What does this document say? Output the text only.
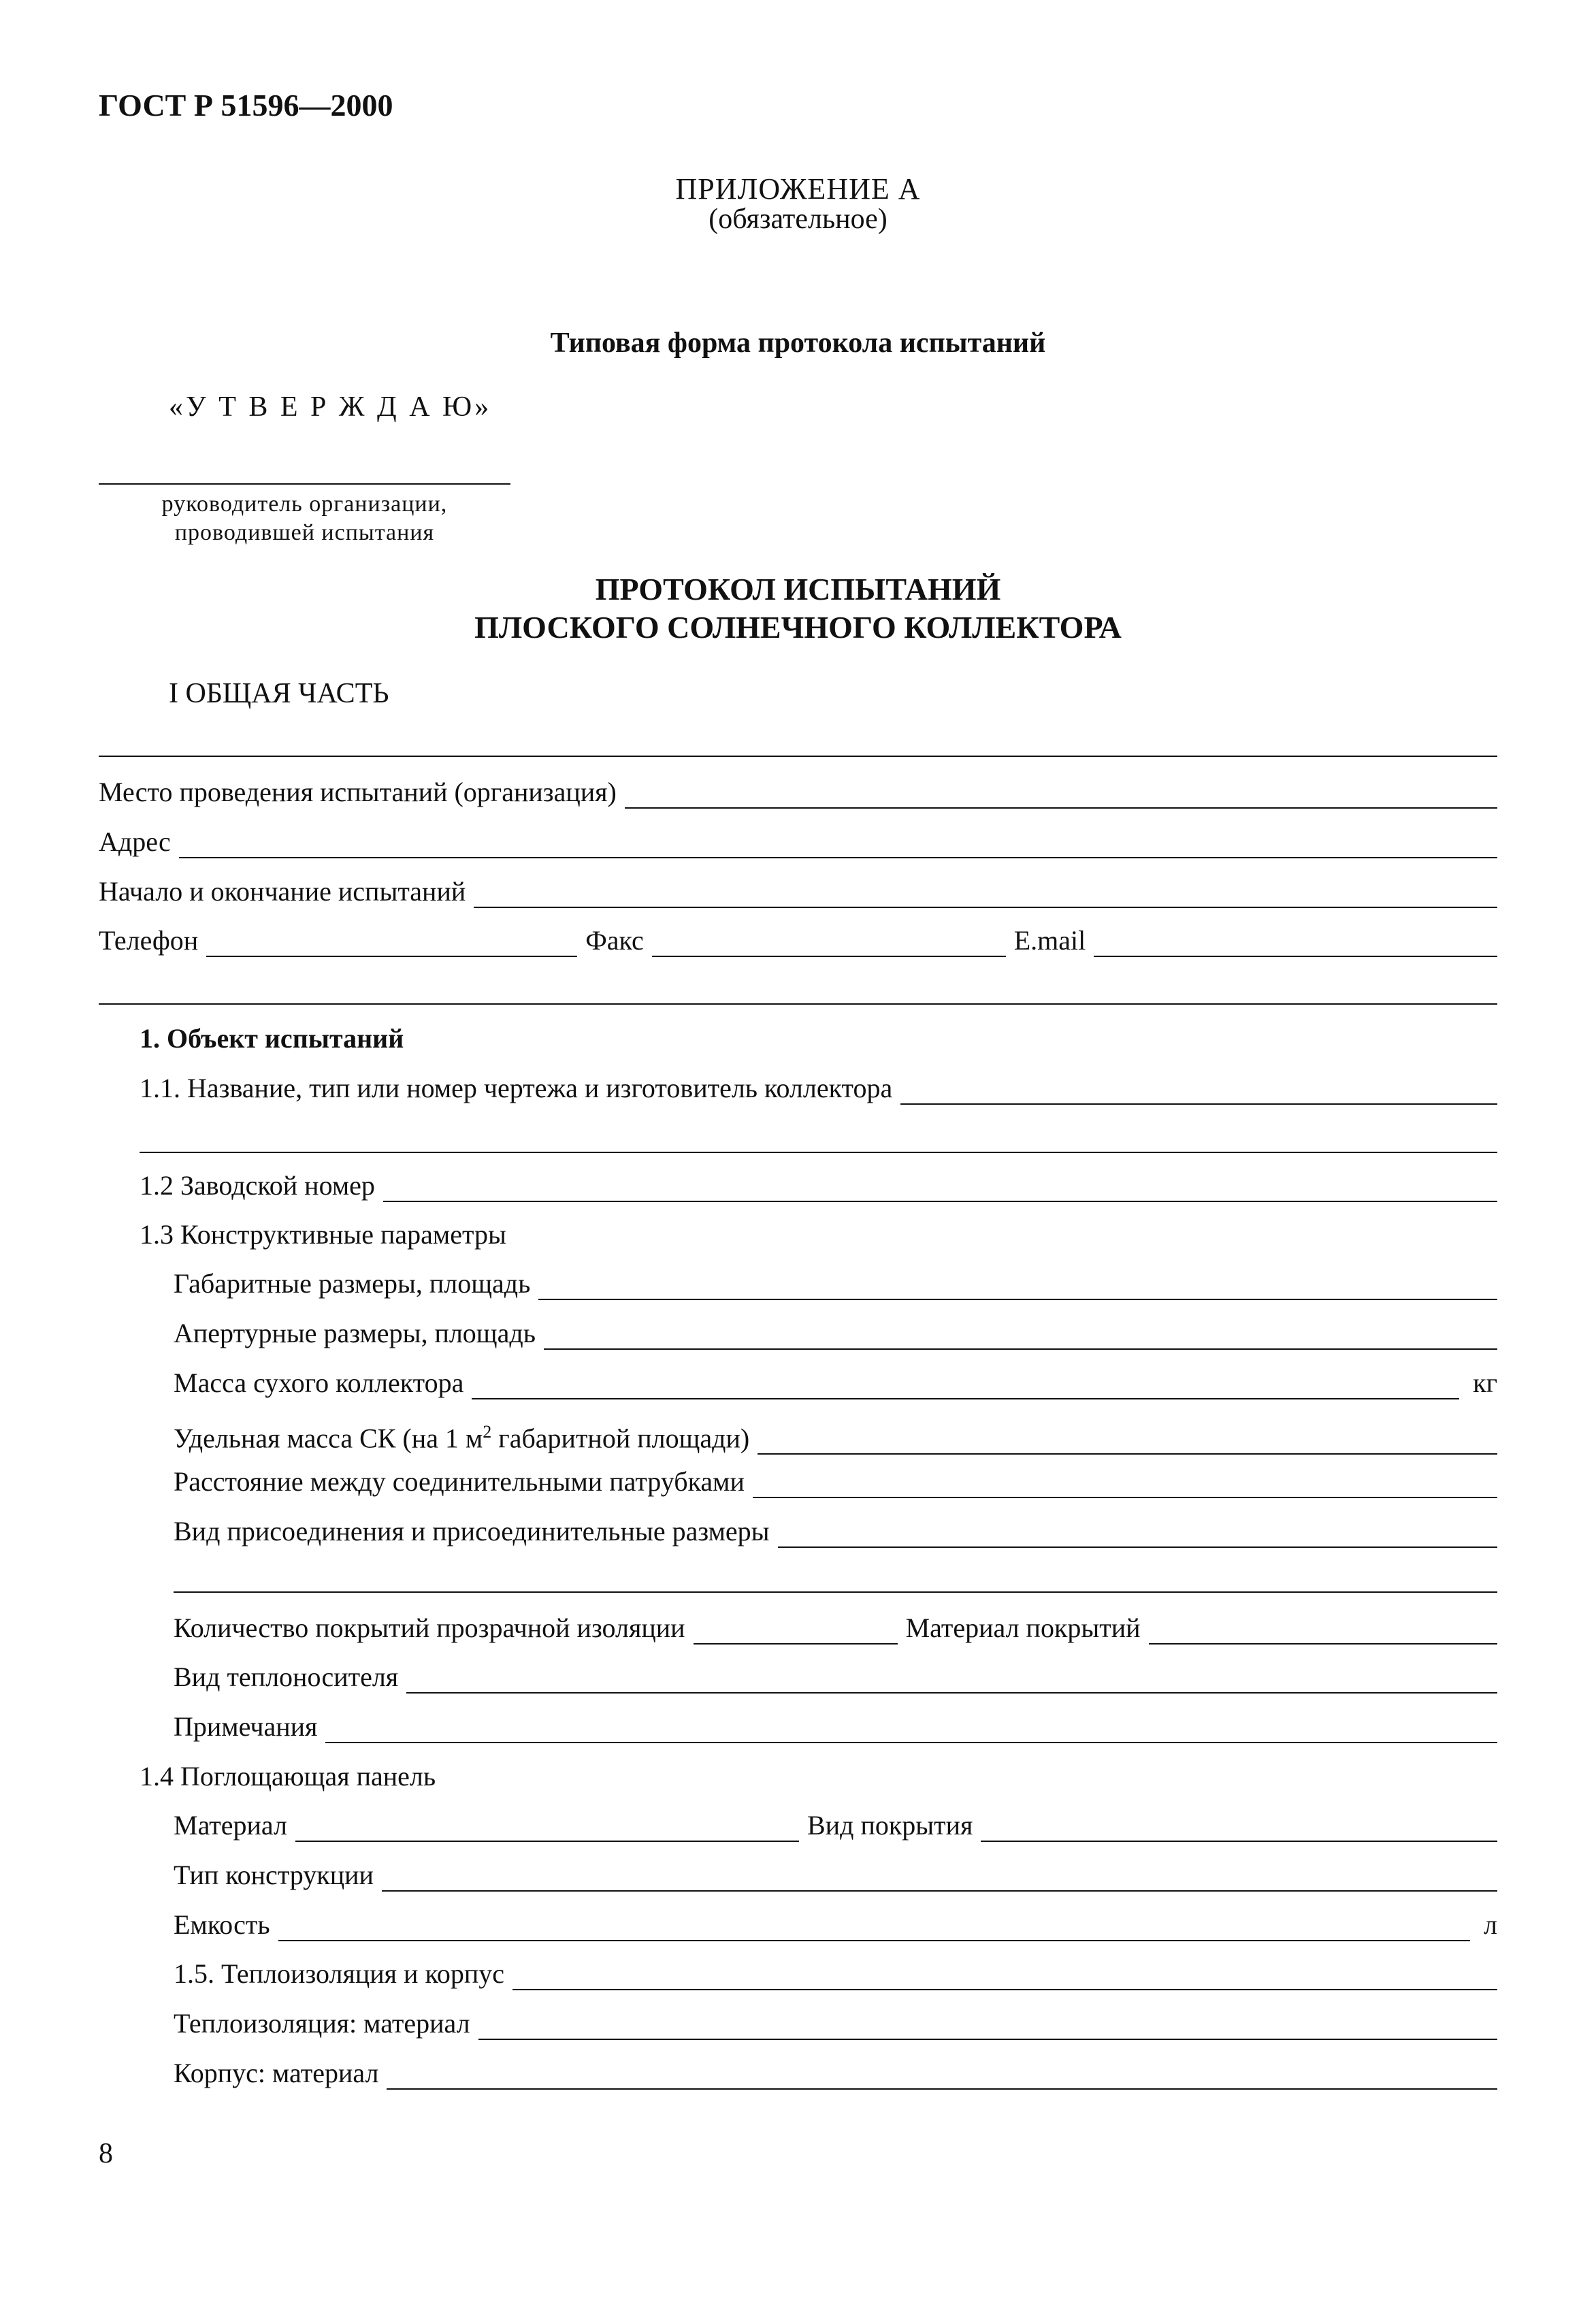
ГОСТ Р 51596—2000
ПРИЛОЖЕНИЕ А
(обязательное)
Типовая форма протокола испытаний
«У Т В Е Р Ж Д А Ю»
руководитель организации,
проводившей испытания
ПРОТОКОЛ ИСПЫТАНИЙ
ПЛОСКОГО СОЛНЕЧНОГО КОЛЛЕКТОРА
I ОБЩАЯ ЧАСТЬ
Место проведения испытаний (организация)
Адрес
Начало и окончание испытаний
Телефон	Факс	E.mail
1. Объект испытаний
1.1. Название, тип или номер чертежа и изготовитель коллектора
1.2 Заводской номер
1.3 Конструктивные параметры
Габаритные размеры, площадь
Апертурные размеры, площадь
Масса сухого коллектора	кг
Удельная масса СК (на 1 $м^2$ габаритной площади)
Расстояние между соединительными патрубками
Вид присоединения и присоединительные размеры
Количество покрытий прозрачной изоляции	Материал покрытий
Вид теплоносителя
Примечания
1.4 Поглощающая панель
Материал	Вид покрытия
Тип конструкции
Емкость	л
1.5. Теплоизоляция и корпус
Теплоизоляция: материал
Корпус: материал
8
